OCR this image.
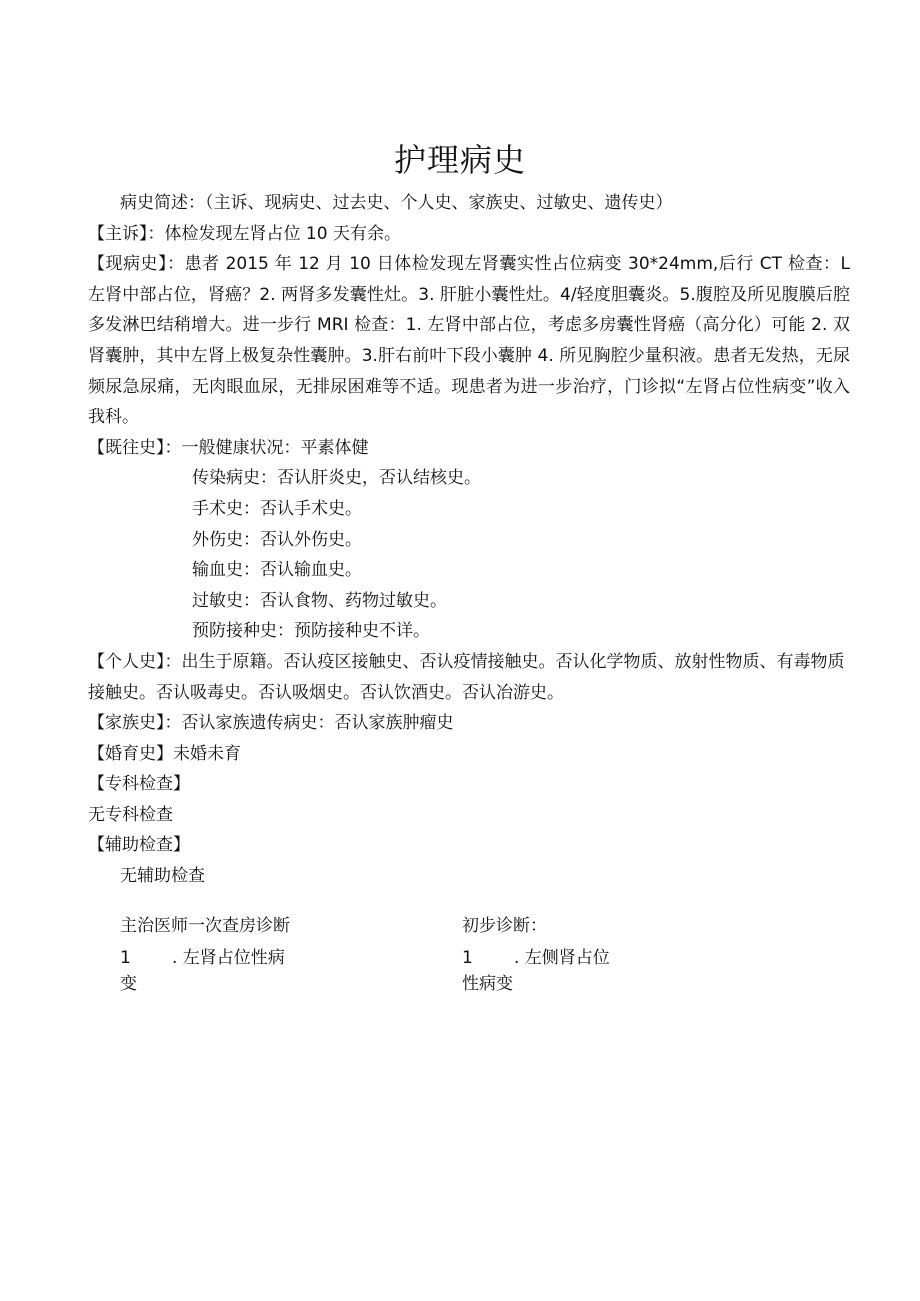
护理病史

病史简述：（主诉、现病史、过去史、个人史、家族史、过敏史、遗传史）

【主诉】：体检发现左肾占位 10 天有余。

【现病史】：患者 2015 年 12 月 10 日体检发现左肾囊实性占位病变 30*24mm,后行 CT 检查：L 左肾中部占位，肾癌？2. 两肾多发囊性灶。3. 肝脏小囊性灶。4/轻度胆囊炎。5.腹腔及所见腹膜后腔多发淋巴结稍增大。进一步行 MRI 检查：1. 左肾中部占位，考虑多房囊性肾癌（高分化）可能 2. 双肾囊肿，其中左肾上极复杂性囊肿。3.肝右前叶下段小囊肿 4. 所见胸腔少量积液。患者无发热，无尿频尿急尿痛，无肉眼血尿，无排尿困难等不适。现患者为进一步治疗，门诊拟“左肾占位性病变”收入我科。

【既往史】：一般健康状况：平素体健

传染病史：否认肝炎史，否认结核史。

手术史：否认手术史。

外伤史：否认外伤史。

输血史：否认输血史。

过敏史：否认食物、药物过敏史。

预防接种史：预防接种史不详。

【个人史】：出生于原籍。否认疫区接触史、否认疫情接触史。否认化学物质、放射性物质、有毒物质接触史。否认吸毒史。否认吸烟史。否认饮酒史。否认冶游史。

【家族史】：否认家族遗传病史：否认家族肿瘤史

【婚育史】未婚未育

【专科检查】

无专科检查

【辅助检查】

无辅助检查

主治医师一次查房诊断

1 . 左肾占位性病
变

初步诊断：

1 . 左侧肾占位
性病变
